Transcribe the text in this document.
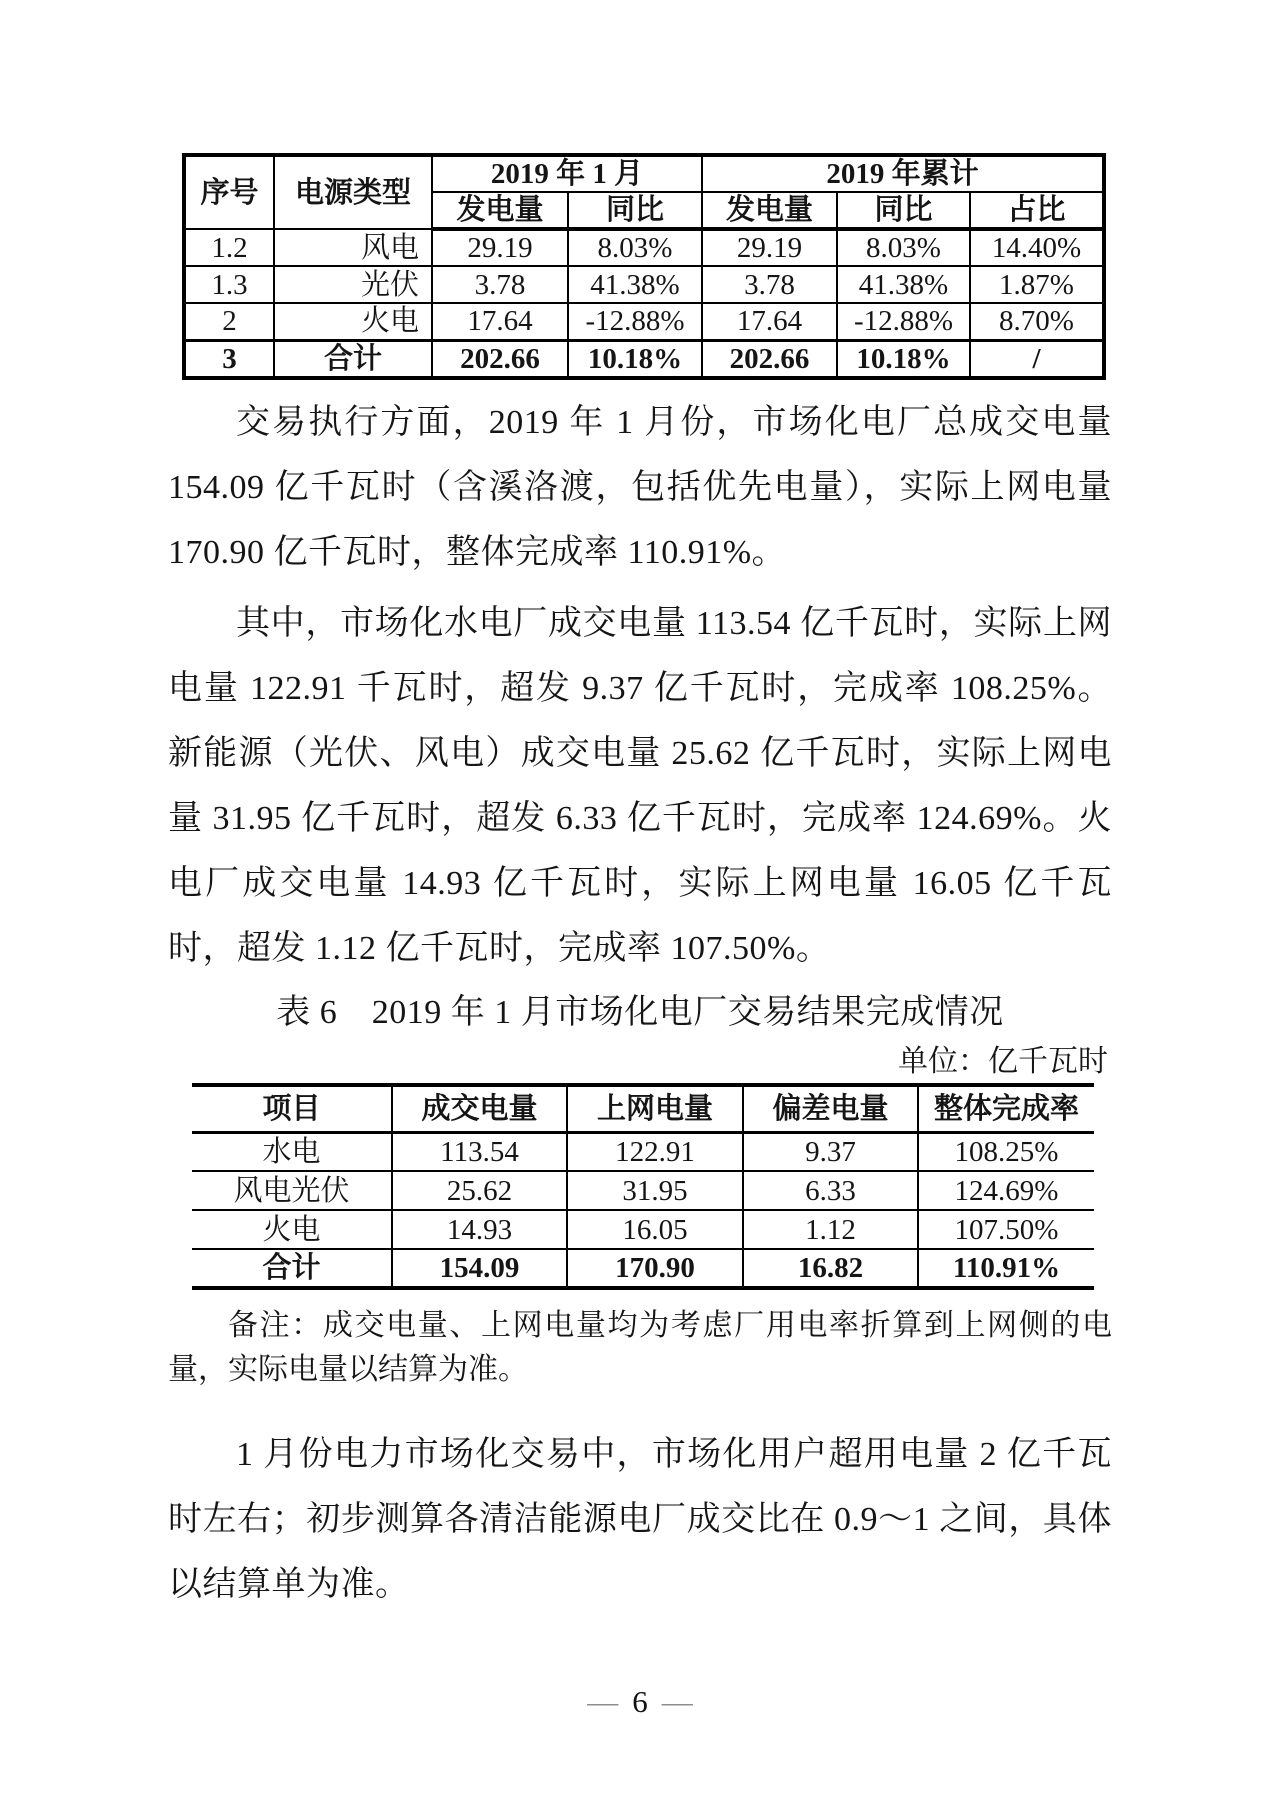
序号	电源类型	2019 年 1 月		2019 年累计		
		发电量	同比	发电量	同比	占比
1.2	风电	29.19	8.03%	29.19	8.03%	14.40%
1.3	光伏	3.78	41.38%	3.78	41.38%	1.87%
2	火电	17.64	-12.88%	17.64	-12.88%	8.70%
3	合计	202.66	10.18%	202.66	10.18%	/

交易执行方面，2019 年 1 月份，市场化电厂总成交电量 154.09 亿千瓦时（含溪洛渡，包括优先电量），实际上网电量 170.90 亿千瓦时，整体完成率 110.91%。

其中，市场化水电厂成交电量 113.54 亿千瓦时，实际上网电量 122.91 千瓦时，超发 9.37 亿千瓦时，完成率 108.25%。新能源（光伏、风电）成交电量 25.62 亿千瓦时，实际上网电量 31.95 亿千瓦时，超发 6.33 亿千瓦时，完成率 124.69%。火电厂成交电量 14.93 亿千瓦时，实际上网电量 16.05 亿千瓦时，超发 1.12 亿千瓦时，完成率 107.50%。

表 6　2019 年 1 月市场化电厂交易结果完成情况
单位：亿千瓦时
项目	成交电量	上网电量	偏差电量	整体完成率
水电	113.54	122.91	9.37	108.25%
风电光伏	25.62	31.95	6.33	124.69%
火电	14.93	16.05	1.12	107.50%
合计	154.09	170.90	16.82	110.91%

备注：成交电量、上网电量均为考虑厂用电率折算到上网侧的电量，实际电量以结算为准。

1 月份电力市场化交易中，市场化用户超用电量 2 亿千瓦时左右；初步测算各清洁能源电厂成交比在 0.9～1 之间，具体以结算单为准。

— 6 —
